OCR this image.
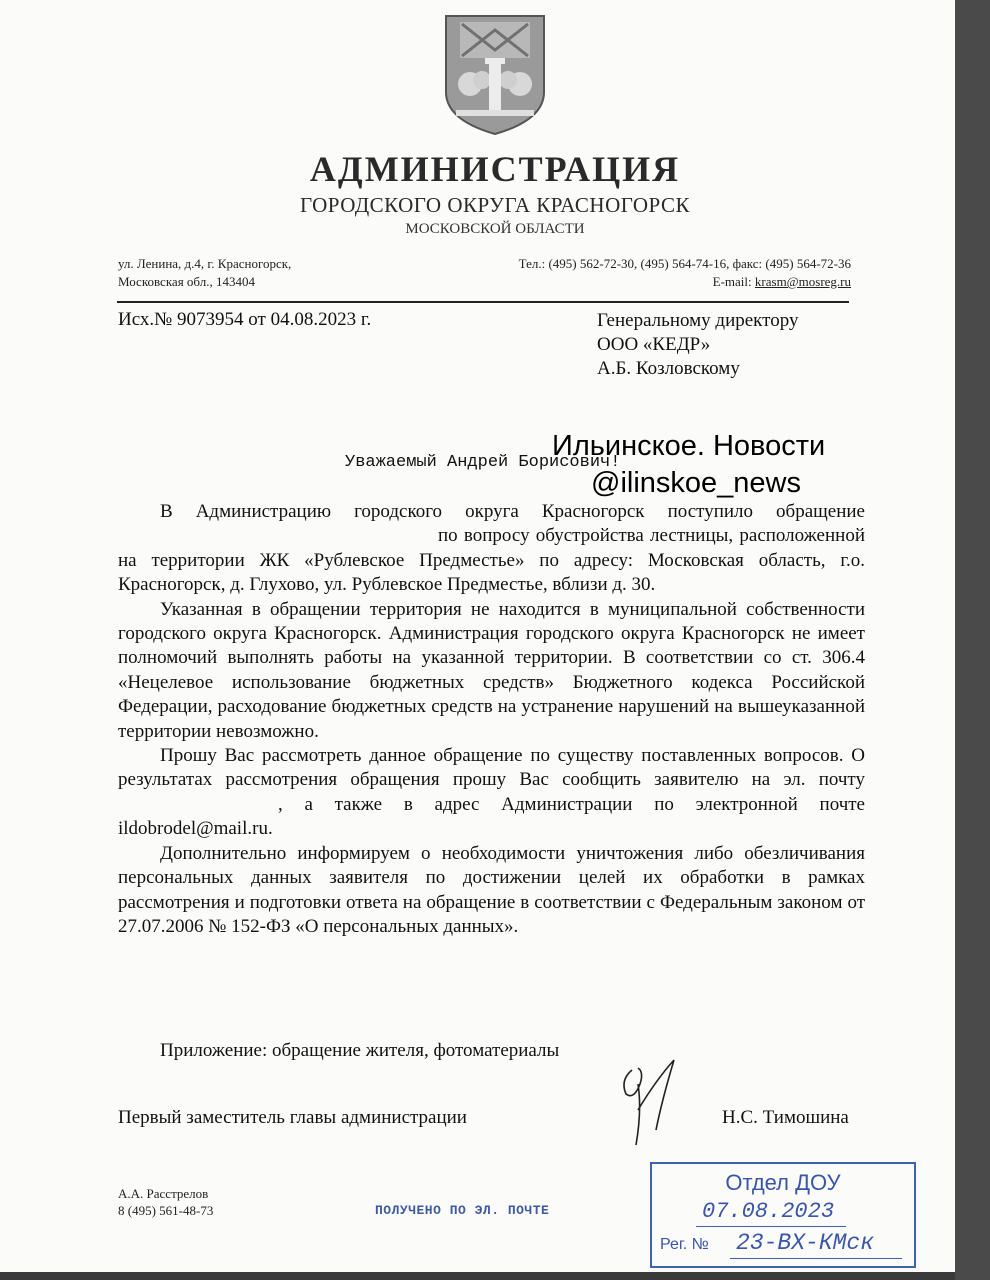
АДМИНИСТРАЦИЯ
ГОРОДСКОГО ОКРУГА КРАСНОГОРСК
МОСКОВСКОЙ ОБЛАСТИ
ул. Ленина, д.4, г. Красногорск,
Московская обл., 143404
Тел.: (495) 562-72-30, (495) 564-74-16, факс: (495) 564-72-36
E-mail: krasm@mosreg.ru
Исх.№ 9073954 от 04.08.2023 г.	Генеральному директору
ООО «КЕДР»
А.Б. Козловскому
Уважаемый Андрей Борисович!
Ильинское. Новости
@ilinskoe_news

В Администрацию городского округа Красногорск поступило обращение по вопросу обустройства лестницы, расположенной на территории ЖК «Рублевское Предместье» по адресу: Московская область, г.о. Красногорск, д. Глухово, ул. Рублевское Предместье, вблизи д. 30.

Указанная в обращении территория не находится в муниципальной собственности городского округа Красногорск. Администрация городского округа Красногорск не имеет полномочий выполнять работы на указанной территории. В соответствии со ст. 306.4 «Нецелевое использование бюджетных средств» Бюджетного кодекса Российской Федерации, расходование бюджетных средств на устранение нарушений на вышеуказанной территории невозможно.

Прошу Вас рассмотреть данное обращение по существу поставленных вопросов. О результатах рассмотрения обращения прошу Вас сообщить заявителю на эл. почту , а также в адрес Администрации по электронной почте ildobrodel@mail.ru.

Дополнительно информируем о необходимости уничтожения либо обезличивания персональных данных заявителя по достижении целей их обработки в рамках рассмотрения и подготовки ответа на обращение в соответствии с Федеральным законом от 27.07.2006 № 152-ФЗ «О персональных данных».

Приложение: обращение жителя, фотоматериалы
Первый заместитель главы администрации	Н.С. Тимошина
А.А. Расстрелов
8 (495) 561-48-73	ПОЛУЧЕНО ПО ЭЛ. ПОЧТЕ
Отдел ДОУ
07.08.2023
Рег. № 23-ВХ-КМск
